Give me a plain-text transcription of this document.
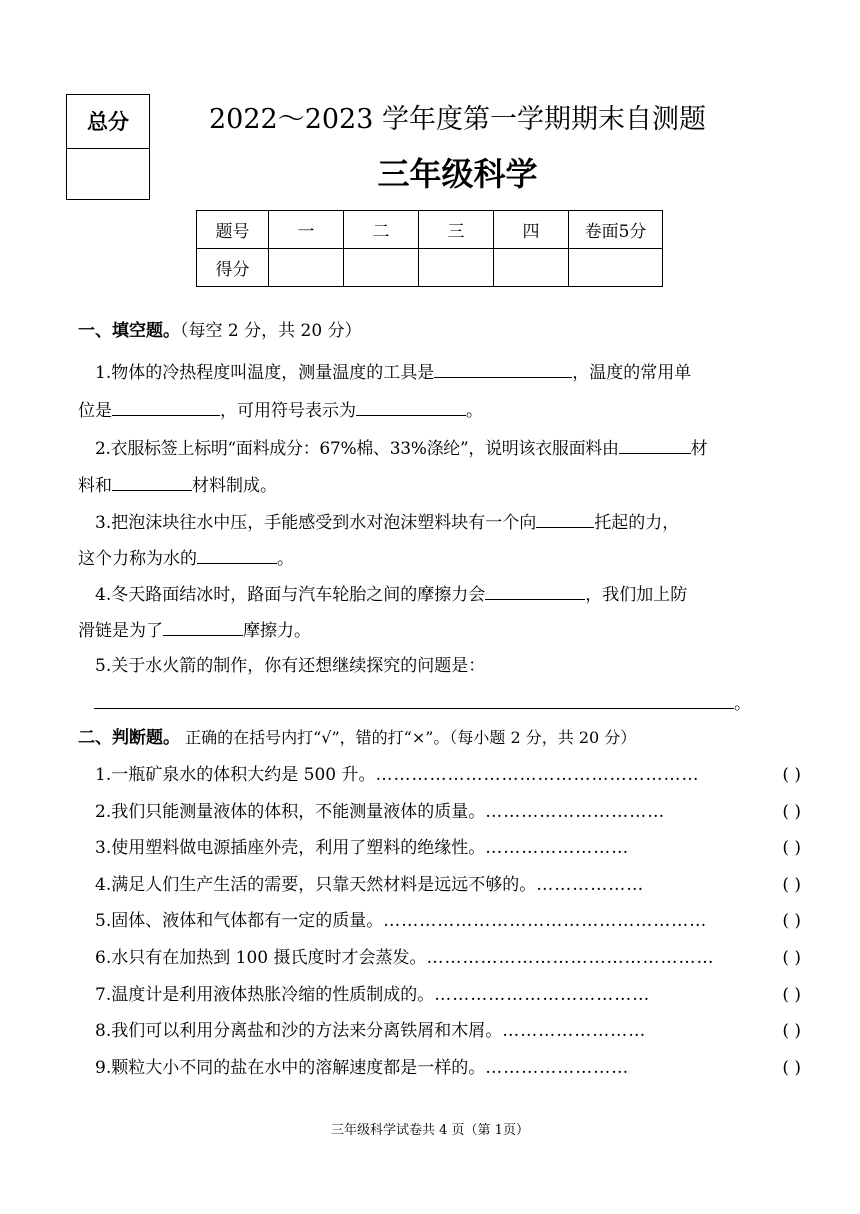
总分	2022～2023 学年度第一学期期末自测题
三年级科学
题号	一	二	三	四	卷面5分
得分					
一、填空题。（每空 2 分，共 20 分）
1.物体的冷热程度叫温度，测量温度的工具是	，温度的常用单
位是	，可用符号表示为	。
2.衣服标签上标明“面料成分：67%棉、33%涤纶”，说明该衣服面料由	材
料和	材料制成。
3.把泡沫块往水中压，手能感受到水对泡沫塑料块有一个向	托起的力，
这个力称为水的	。
4.冬天路面结冰时，路面与汽车轮胎之间的摩擦力会	，我们加上防
滑链是为了	摩擦力。
5.关于水火箭的制作，你有还想继续探究的问题是：
。
二、判断题。 正确的在括号内打“√”，错的打“×”。（每小题 2 分，共 20 分）
1.一瓶矿泉水的体积大约是 500 升。………………………………………………	( )
2.我们只能测量液体的体积，不能测量液体的质量。…………………………	( )
3.使用塑料做电源插座外壳，利用了塑料的绝缘性。……………………	( )
4.满足人们生产生活的需要，只靠天然材料是远远不够的。………………	( )
5.固体、液体和气体都有一定的质量。………………………………………………	( )
6.水只有在加热到 100 摄氏度时才会蒸发。…………………………………………	( )
7.温度计是利用液体热胀冷缩的性质制成的。………………………………	( )
8.我们可以利用分离盐和沙的方法来分离铁屑和木屑。……………………	( )
9.颗粒大小不同的盐在水中的溶解速度都是一样的。……………………	( )
三年级科学试卷共 4 页（第 1页）
